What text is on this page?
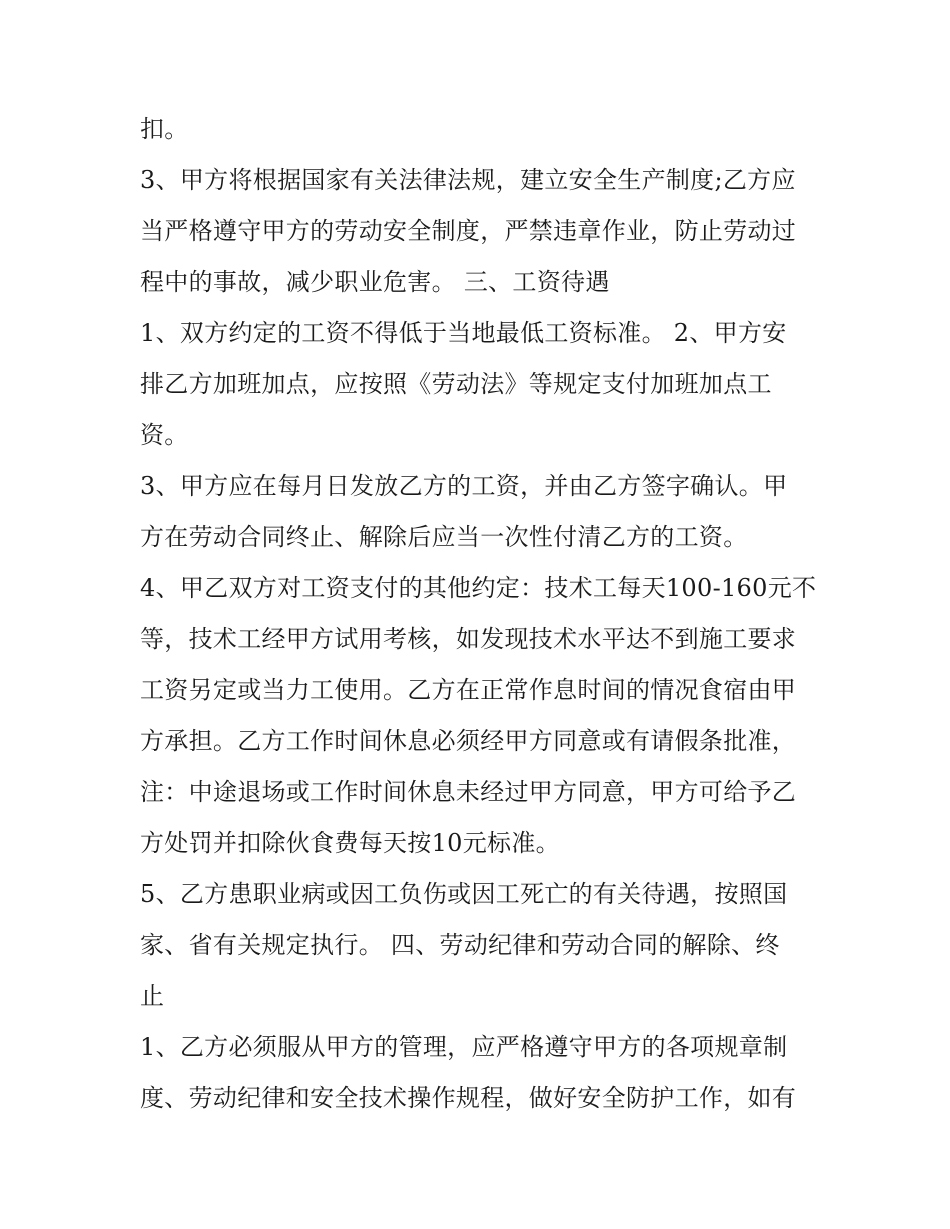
扣。
3、甲方将根据国家有关法律法规，建立安全生产制度;乙方应
当严格遵守甲方的劳动安全制度，严禁违章作业，防止劳动过
程中的事故，减少职业危害。 三、工资待遇
1、双方约定的工资不得低于当地最低工资标准。 2、甲方安
排乙方加班加点，应按照《劳动法》等规定支付加班加点工
资。
3、甲方应在每月日发放乙方的工资，并由乙方签字确认。甲
方在劳动合同终止、解除后应当一次性付清乙方的工资。
4、甲乙双方对工资支付的其他约定：技术工每天100-160元不
等，技术工经甲方试用考核，如发现技术水平达不到施工要求
工资另定或当力工使用。乙方在正常作息时间的情况食宿由甲
方承担。乙方工作时间休息必须经甲方同意或有请假条批准，
注：中途退场或工作时间休息未经过甲方同意，甲方可给予乙
方处罚并扣除伙食费每天按10元标准。
5、乙方患职业病或因工负伤或因工死亡的有关待遇，按照国
家、省有关规定执行。 四、劳动纪律和劳动合同的解除、终
止
1、乙方必须服从甲方的管理，应严格遵守甲方的各项规章制
度、劳动纪律和安全技术操作规程，做好安全防护工作，如有
